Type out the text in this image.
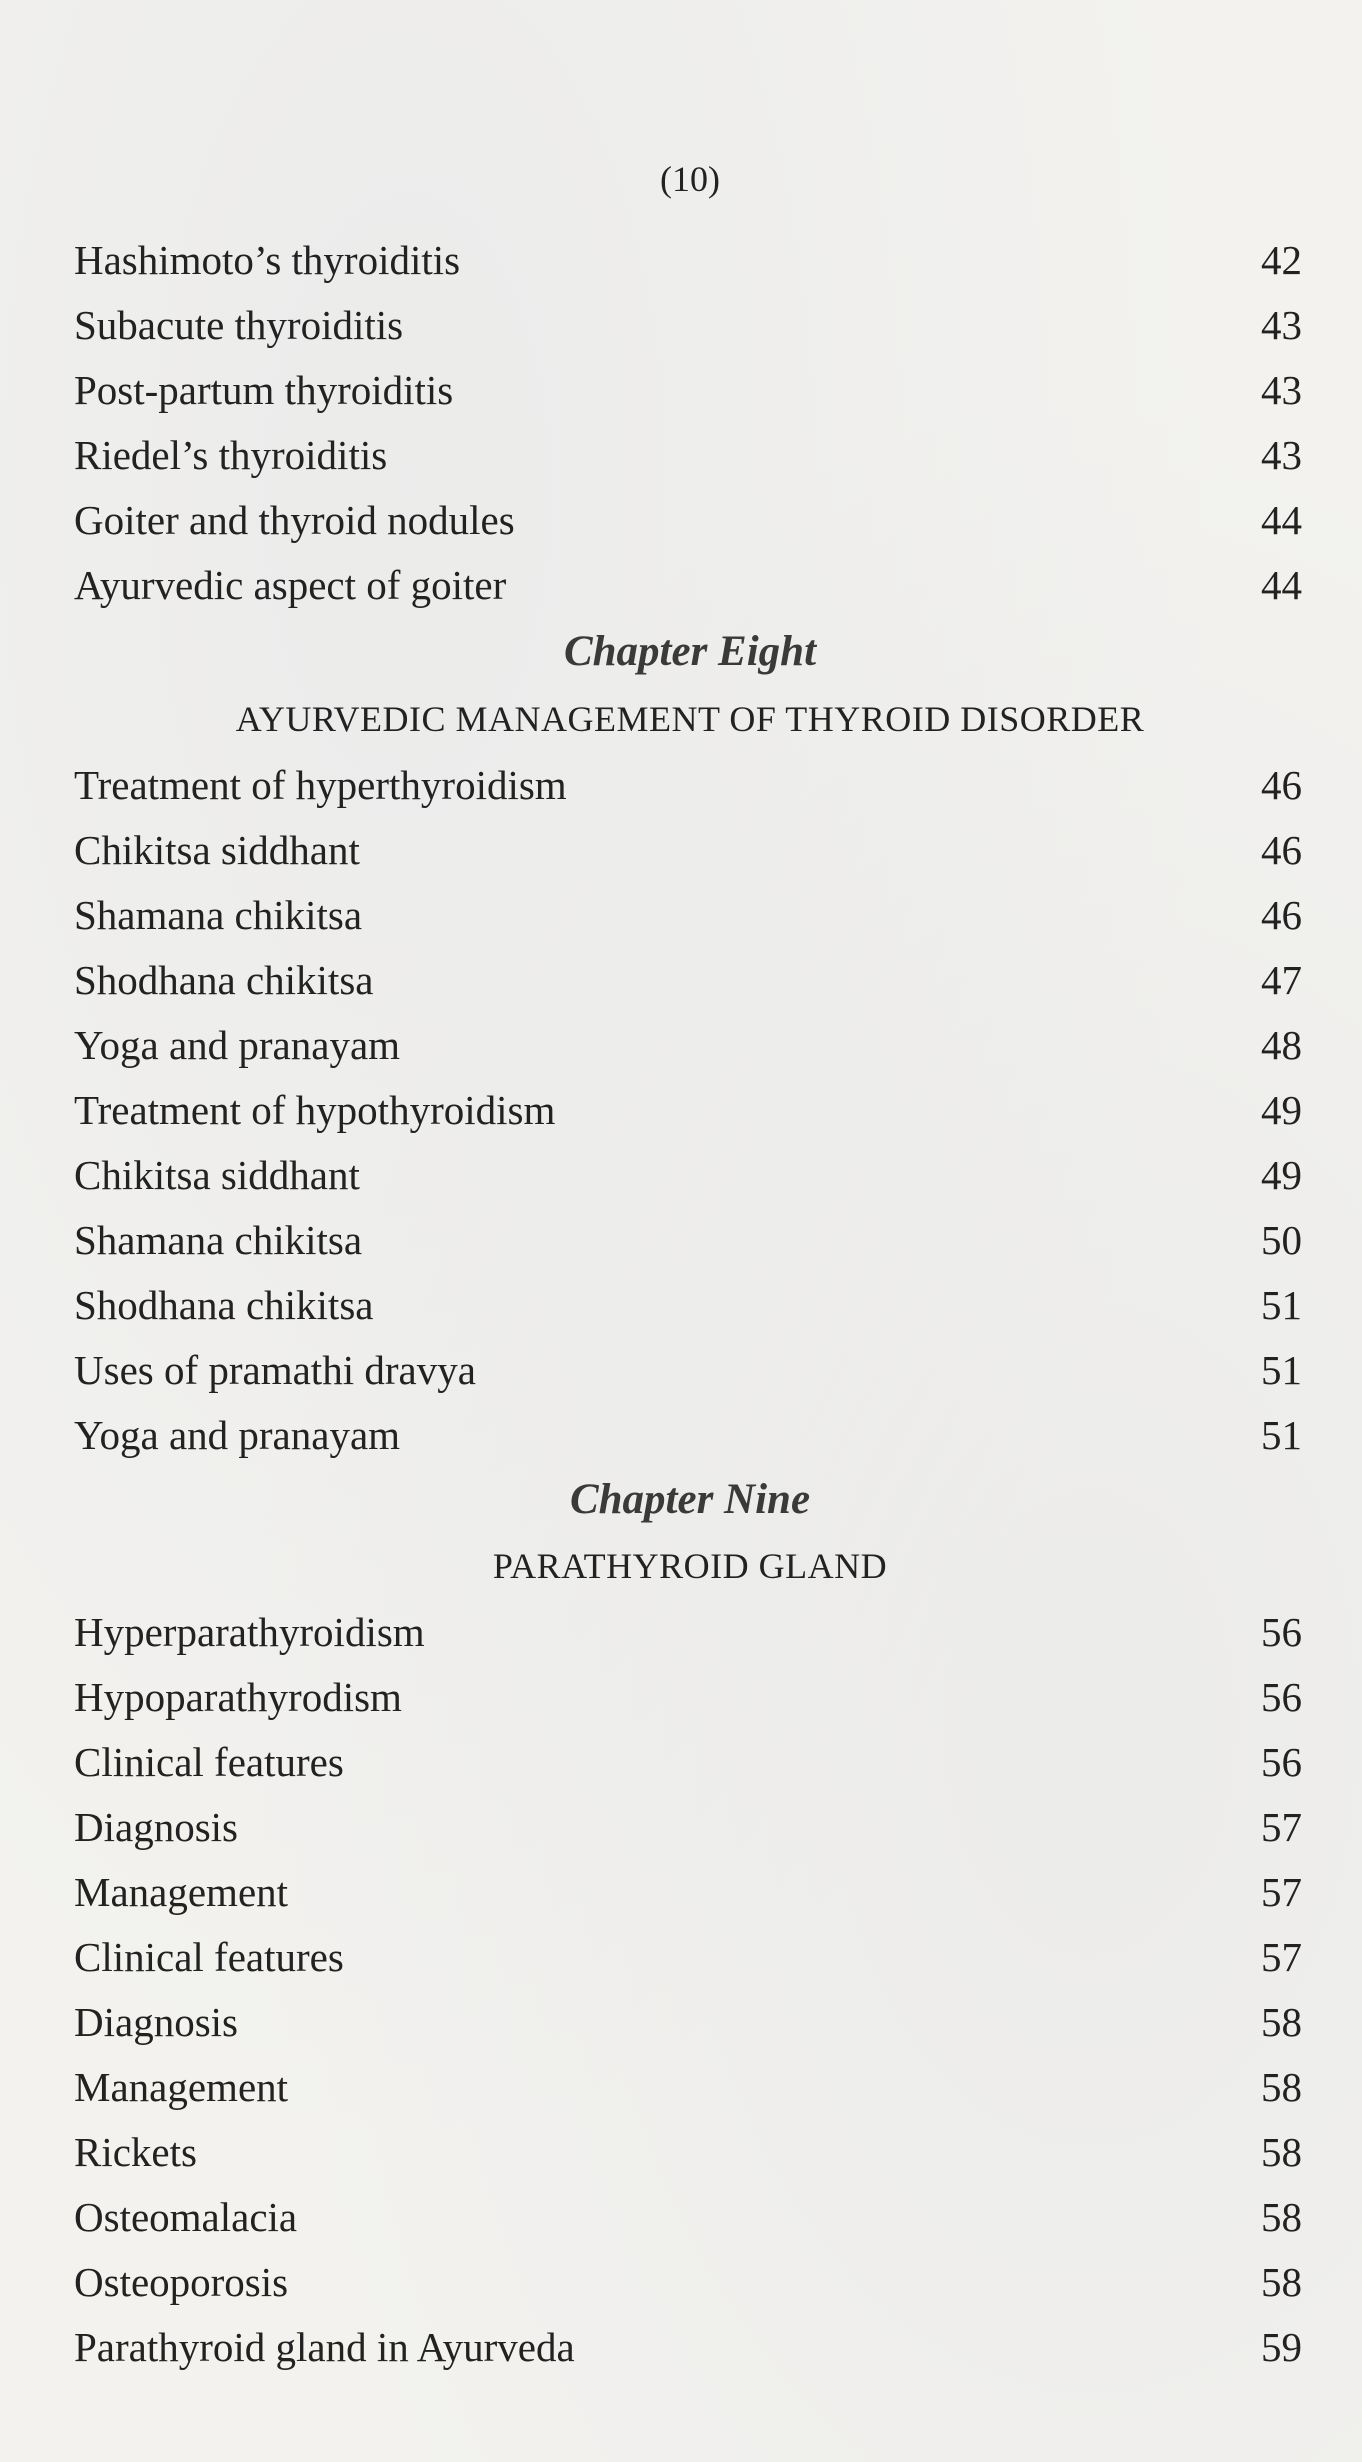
(10)
Hashimoto’s thyroiditis	42
Subacute thyroiditis	43
Post-partum thyroiditis	43
Riedel’s thyroiditis	43
Goiter and thyroid nodules	44
Ayurvedic aspect of goiter	44
Chapter Eight
AYURVEDIC MANAGEMENT OF THYROID DISORDER
Treatment of hyperthyroidism	46
Chikitsa siddhant	46
Shamana chikitsa	46
Shodhana chikitsa	47
Yoga and pranayam	48
Treatment of hypothyroidism	49
Chikitsa siddhant	49
Shamana chikitsa	50
Shodhana chikitsa	51
Uses of pramathi dravya	51
Yoga and pranayam	51
Chapter Nine
PARATHYROID GLAND
Hyperparathyroidism	56
Hypoparathyrodism	56
Clinical features	56
Diagnosis	57
Management	57
Clinical features	57
Diagnosis	58
Management	58
Rickets	58
Osteomalacia	58
Osteoporosis	58
Parathyroid gland in Ayurveda	59
